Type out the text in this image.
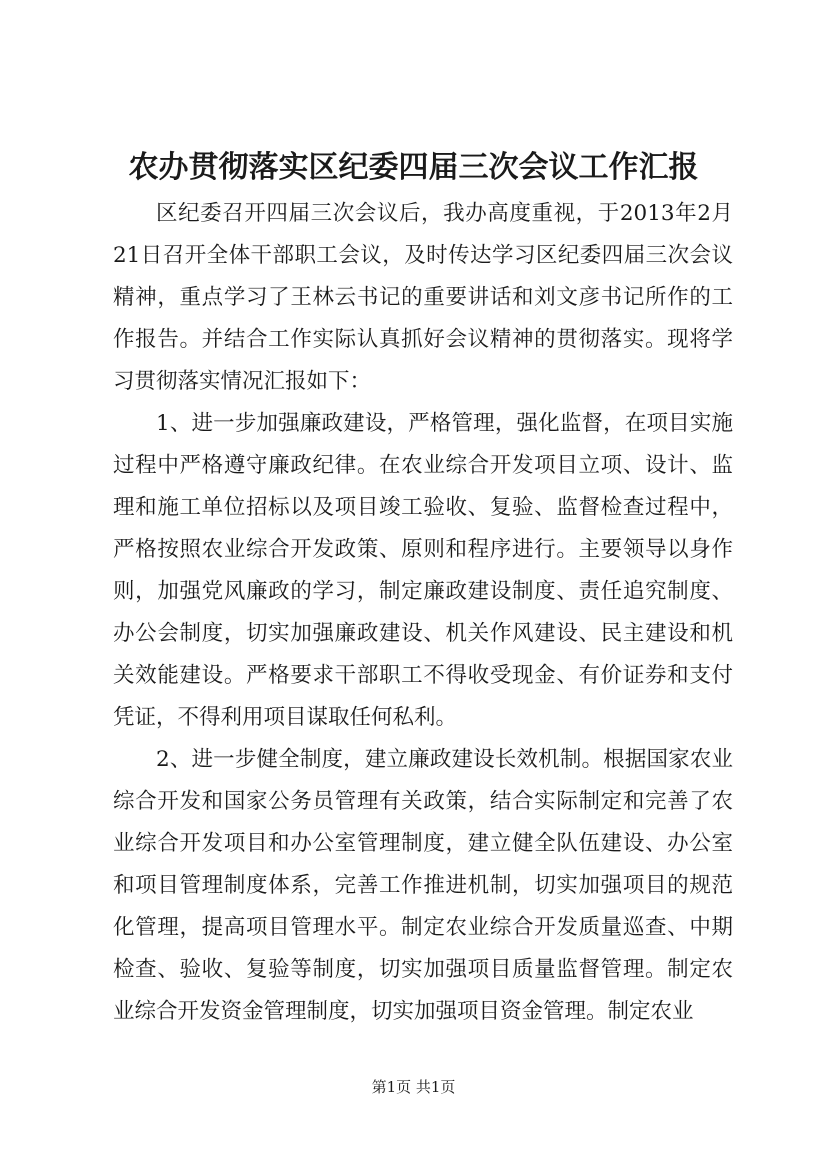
农办贯彻落实区纪委四届三次会议工作汇报

区纪委召开四届三次会议后，我办高度重视，于2013年2月21日召开全体干部职工会议，及时传达学习区纪委四届三次会议精神，重点学习了王林云书记的重要讲话和刘文彦书记所作的工作报告。并结合工作实际认真抓好会议精神的贯彻落实。现将学习贯彻落实情况汇报如下：

1、进一步加强廉政建设，严格管理，强化监督，在项目实施过程中严格遵守廉政纪律。在农业综合开发项目立项、设计、监理和施工单位招标以及项目竣工验收、复验、监督检查过程中，严格按照农业综合开发政策、原则和程序进行。主要领导以身作则，加强党风廉政的学习，制定廉政建设制度、责任追究制度、办公会制度，切实加强廉政建设、机关作风建设、民主建设和机关效能建设。严格要求干部职工不得收受现金、有价证券和支付凭证，不得利用项目谋取任何私利。

2、进一步健全制度，建立廉政建设长效机制。根据国家农业综合开发和国家公务员管理有关政策，结合实际制定和完善了农业综合开发项目和办公室管理制度，建立健全队伍建设、办公室和项目管理制度体系，完善工作推进机制，切实加强项目的规范化管理，提高项目管理水平。制定农业综合开发质量巡查、中期检查、验收、复验等制度，切实加强项目质量监督管理。制定农业综合开发资金管理制度，切实加强项目资金管理。制定农业

第1页 共1页
